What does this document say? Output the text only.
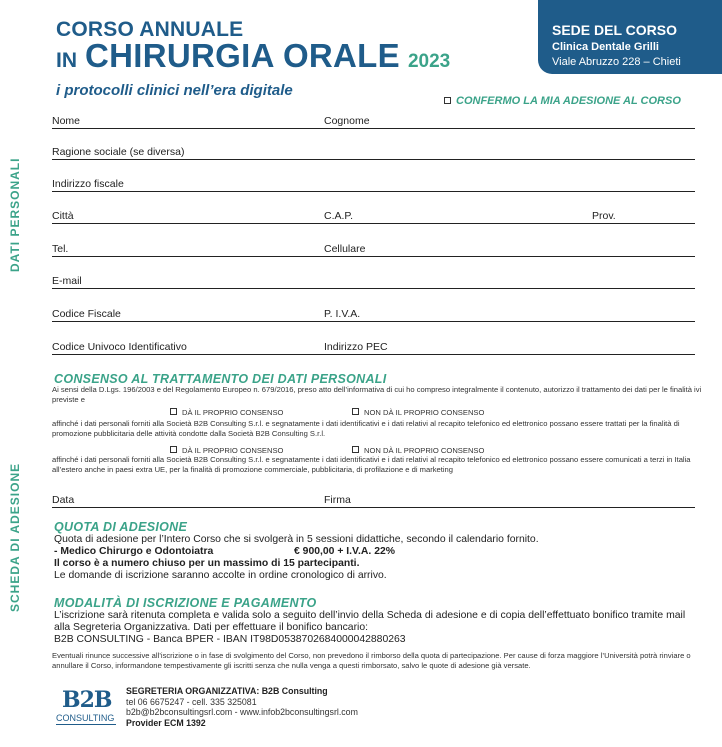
CORSO ANNUALE
IN CHIRURGIA ORALE 2023
i protocolli clinici nell’era digitale
SEDE DEL CORSO
Clinica Dentale Grilli
Viale Abruzzo 228 – Chieti
CONFERMO LA MIA ADESIONE AL CORSO
DATI PERSONALI
SCHEDA DI ADESIONE
Nome	Cognome
Ragione sociale (se diversa)
Indirizzo fiscale
Città	C.A.P.	Prov.
Tel.	Cellulare
E-mail
Codice Fiscale	P. I.V.A.
Codice Univoco Identificativo	Indirizzo PEC
CONSENSO AL TRATTAMENTO DEI DATI PERSONALI
Ai sensi della D.Lgs. 196/2003 e del Regolamento Europeo n. 679/2016, preso atto dell’informativa di cui ho compreso integralmente il contenuto, autorizzo il trattamento dei dati per le finalità ivi previste e
DÀ IL PROPRIO CONSENSO	NON DÀ IL PROPRIO CONSENSO
affinché i dati personali forniti alla Società B2B Consulting S.r.l. e segnatamente i dati identificativi e i dati relativi al recapito telefonico ed elettronico possano essere trattati per la finalità di promozione pubblicitaria delle attività condotte dalla Società B2B Consulting S.r.l.
DÀ IL PROPRIO CONSENSO	NON DÀ IL PROPRIO CONSENSO
affinché i dati personali forniti alla Società B2B Consulting S.r.l. e segnatamente i dati identificativi e i dati relativi al recapito telefonico ed elettronico possano essere comunicati a terzi in Italia all’estero anche in paesi extra UE, per la finalità di promozione commerciale, pubblicitaria, di profilazione e di marketing
Data	Firma
QUOTA DI ADESIONE
Quota di adesione per l’Intero Corso che si svolgerà in 5 sessioni didattiche, secondo il calendario fornito.
- Medico Chirurgo e Odontoiatra	€ 900,00 + I.V.A. 22%
Il corso è a numero chiuso per un massimo di 15 partecipanti.
Le domande di iscrizione saranno accolte in ordine cronologico di arrivo.
MODALITÀ DI ISCRIZIONE E PAGAMENTO
L’iscrizione sarà ritenuta completa e valida solo a seguito dell’invio della Scheda di adesione e di copia dell’effettuato bonifico tramite mail alla Segreteria Organizzativa. Dati per effettuare il bonifico bancario:
B2B CONSULTING - Banca BPER - IBAN IT98D0538702684000042880263
Eventuali rinunce successive all’iscrizione o in fase di svolgimento del Corso, non prevedono il rimborso della quota di partecipazione. Per cause di forza maggiore l’Università potrà rinviare o annullare il Corso, informandone tempestivamente gli iscritti senza che nulla venga a questi rimborsato, salvo le quote di adesione già versate.
B2B
CONSULTING
SEGRETERIA ORGANIZZATIVA: B2B Consulting
tel 06 6675247 - cell. 335 325081
b2b@b2bconsultingsrl.com - www.infob2bconsultingsrl.com
Provider ECM 1392
